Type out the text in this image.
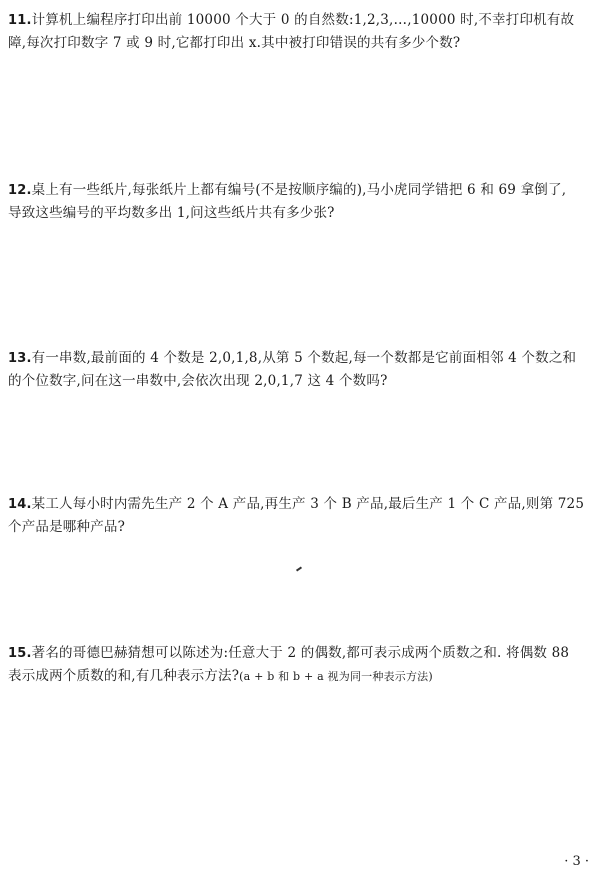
11.计算机上编程序打印出前 10000 个大于 0 的自然数:1,2,3,…,10000 时,不幸打印机有故
障,每次打印数字 7 或 9 时,它都打印出 x.其中被打印错误的共有多少个数?
12.桌上有一些纸片,每张纸片上都有编号(不是按顺序编的),马小虎同学错把 6 和 69 拿倒了,
导致这些编号的平均数多出 1,问这些纸片共有多少张?
13.有一串数,最前面的 4 个数是 2,0,1,8,从第 5 个数起,每一个数都是它前面相邻 4 个数之和
的个位数字,问在这一串数中,会依次出现 2,0,1,7 这 4 个数吗?
14.某工人每小时内需先生产 2 个 A 产品,再生产 3 个 B 产品,最后生产 1 个 C 产品,则第 725
个产品是哪种产品?
15.著名的哥德巴赫猜想可以陈述为:任意大于 2 的偶数,都可表示成两个质数之和. 将偶数 88
表示成两个质数的和,有几种表示方法?(a + b 和 b + a 视为同一种表示方法)
· 3 ·
